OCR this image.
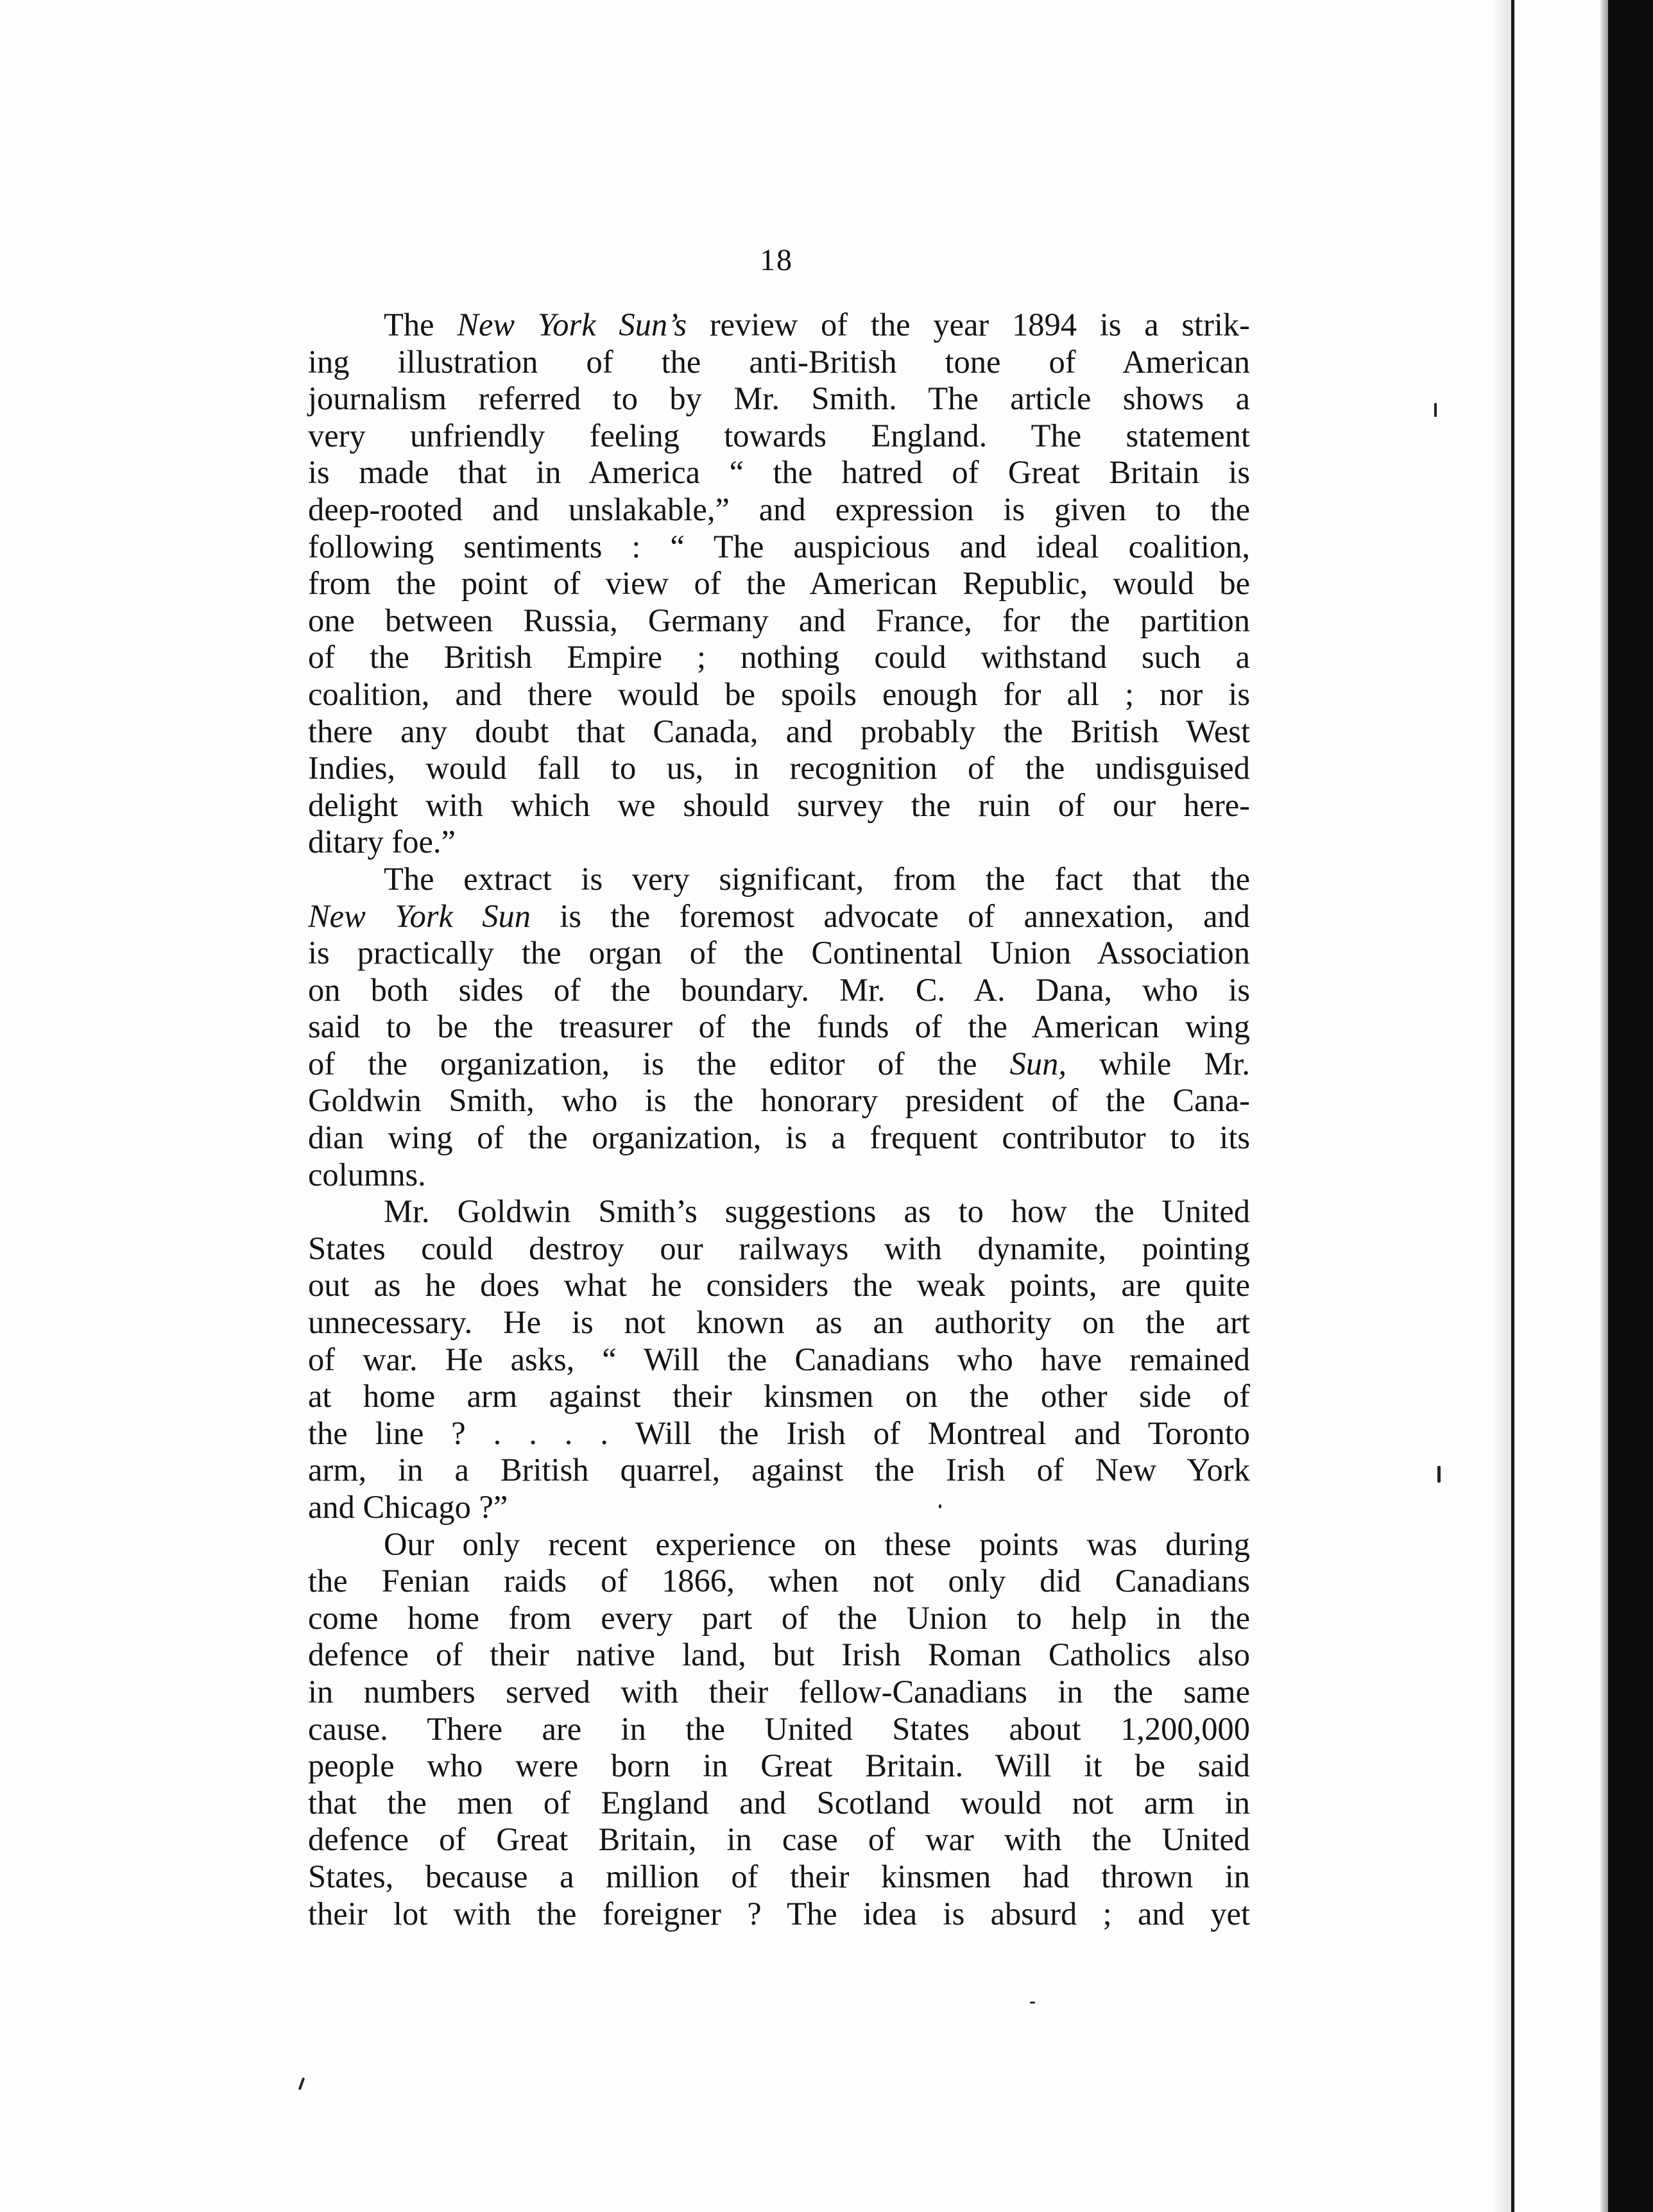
18
The New York Sun’s review of the year 1894 is a strik-
ing illustration of the anti-British tone of American
journalism referred to by Mr. Smith. The article shows a
very unfriendly feeling towards England. The statement
is made that in America “ the hatred of Great Britain is
deep-rooted and unslakable,” and expression is given to the
following sentiments : “ The auspicious and ideal coalition,
from the point of view of the American Republic, would be
one between Russia, Germany and France, for the partition
of the British Empire ; nothing could withstand such a
coalition, and there would be spoils enough for all ; nor is
there any doubt that Canada, and probably the British West
Indies, would fall to us, in recognition of the undisguised
delight with which we should survey the ruin of our here-
ditary foe.”
The extract is very significant, from the fact that the
New York Sun is the foremost advocate of annexation, and
is practically the organ of the Continental Union Association
on both sides of the boundary. Mr. C. A. Dana, who is
said to be the treasurer of the funds of the American wing
of the organization, is the editor of the Sun, while Mr.
Goldwin Smith, who is the honorary president of the Cana-
dian wing of the organization, is a frequent contributor to its
columns.
Mr. Goldwin Smith’s suggestions as to how the United
States could destroy our railways with dynamite, pointing
out as he does what he considers the weak points, are quite
unnecessary. He is not known as an authority on the art
of war. He asks, “ Will the Canadians who have remained
at home arm against their kinsmen on the other side of
the line ? . . . . Will the Irish of Montreal and Toronto
arm, in a British quarrel, against the Irish of New York
and Chicago ?”
Our only recent experience on these points was during
the Fenian raids of 1866, when not only did Canadians
come home from every part of the Union to help in the
defence of their native land, but Irish Roman Catholics also
in numbers served with their fellow-Canadians in the same
cause. There are in the United States about 1,200,000
people who were born in Great Britain. Will it be said
that the men of England and Scotland would not arm in
defence of Great Britain, in case of war with the United
States, because a million of their kinsmen had thrown in
their lot with the foreigner ? The idea is absurd ; and yet
